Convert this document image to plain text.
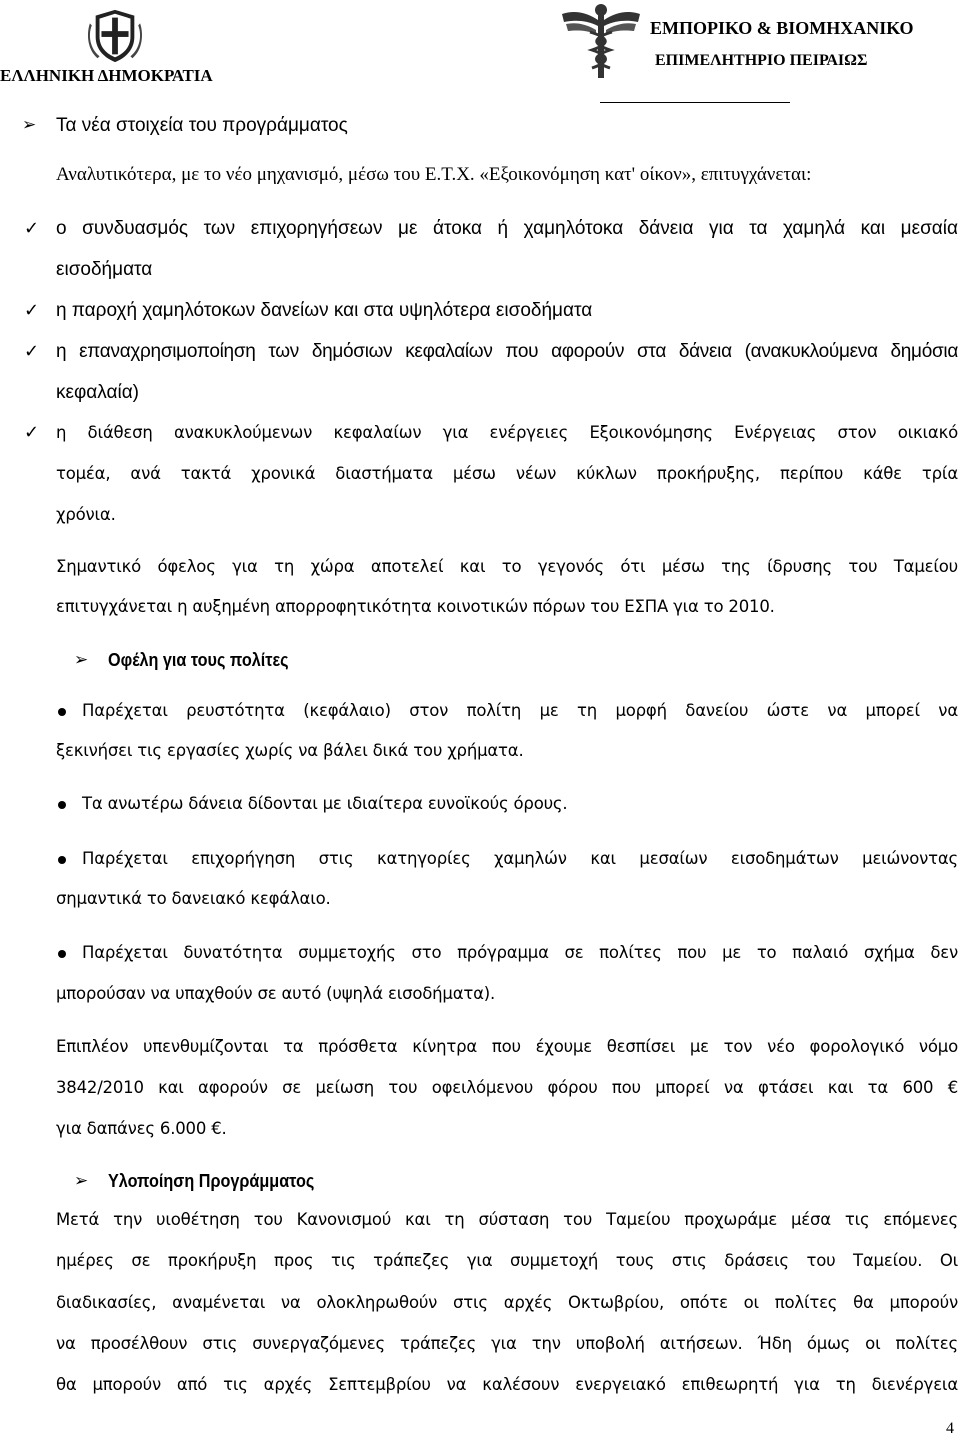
ΕΛΛΗΝΙΚΗ ΔΗΜΟΚΡΑΤΙΑ
ΕΜΠΟΡΙΚΟ & ΒΙΟΜΗΧΑΝΙΚΟ
ΕΠΙΜΕΛΗΤΗΡΙΟ ΠΕΙΡΑΙΩΣ
➢ Τα νέα στοιχεία του προγράμματος
Αναλυτικότερα, με το νέο μηχανισμό, μέσω του Ε.Τ.Χ. «Εξοικονόμηση κατ' οίκον», επιτυγχάνεται:
✓ ο συνδυασμός των επιχορηγήσεων με άτοκα ή χαμηλότοκα δάνεια για τα χαμηλά και μεσαία
εισοδήματα
✓ η παροχή χαμηλότοκων δανείων και στα υψηλότερα εισοδήματα
✓ η επαναχρησιμοποίηση των δημόσιων κεφαλαίων που αφορούν στα δάνεια (ανακυκλούμενα δημόσια
κεφαλαία)
✓ η διάθεση ανακυκλούμενων κεφαλαίων για ενέργειες Εξοικονόμησης Ενέργειας στον οικιακό
τομέα, ανά τακτά χρονικά διαστήματα μέσω νέων κύκλων προκήρυξης, περίπου κάθε τρία
χρόνια.
Σημαντικό όφελος για τη χώρα αποτελεί και το γεγονός ότι μέσω της ίδρυσης του Ταμείου
επιτυγχάνεται η αυξημένη απορροφητικότητα κοινοτικών πόρων του ΕΣΠΑ για το 2010.
➢ Οφέλη για τους πολίτες
Παρέχεται ρευστότητα (κεφάλαιο) στον πολίτη με τη μορφή δανείου ώστε να μπορεί να
ξεκινήσει τις εργασίες χωρίς να βάλει δικά του χρήματα.
Τα ανωτέρω δάνεια δίδονται με ιδιαίτερα ευνοϊκούς όρους.
Παρέχεται επιχορήγηση στις κατηγορίες χαμηλών και μεσαίων εισοδημάτων μειώνοντας
σημαντικά το δανειακό κεφάλαιο.
Παρέχεται δυνατότητα συμμετοχής στο πρόγραμμα σε πολίτες που με το παλαιό σχήμα δεν
μπορούσαν να υπαχθούν σε αυτό (υψηλά εισοδήματα).
Επιπλέον υπενθυμίζονται τα πρόσθετα κίνητρα που έχουμε θεσπίσει με τον νέο φορολογικό νόμο
3842/2010 και αφορούν σε μείωση του οφειλόμενου φόρου που μπορεί να φτάσει και τα 600 €
για δαπάνες 6.000 €.
➢ Υλοποίηση Προγράμματος
Μετά την υιοθέτηση του Κανονισμού και τη σύσταση του Ταμείου προχωράμε μέσα τις επόμενες
ημέρες σε προκήρυξη προς τις τράπεζες για συμμετοχή τους στις δράσεις του Ταμείου. Οι
διαδικασίες, αναμένεται να ολοκληρωθούν στις αρχές Οκτωβρίου, οπότε οι πολίτες θα μπορούν
να προσέλθουν στις συνεργαζόμενες τράπεζες για την υποβολή αιτήσεων. Ήδη όμως οι πολίτες
θα μπορούν από τις αρχές Σεπτεμβρίου να καλέσουν ενεργειακό επιθεωρητή για τη διενέργεια
4
